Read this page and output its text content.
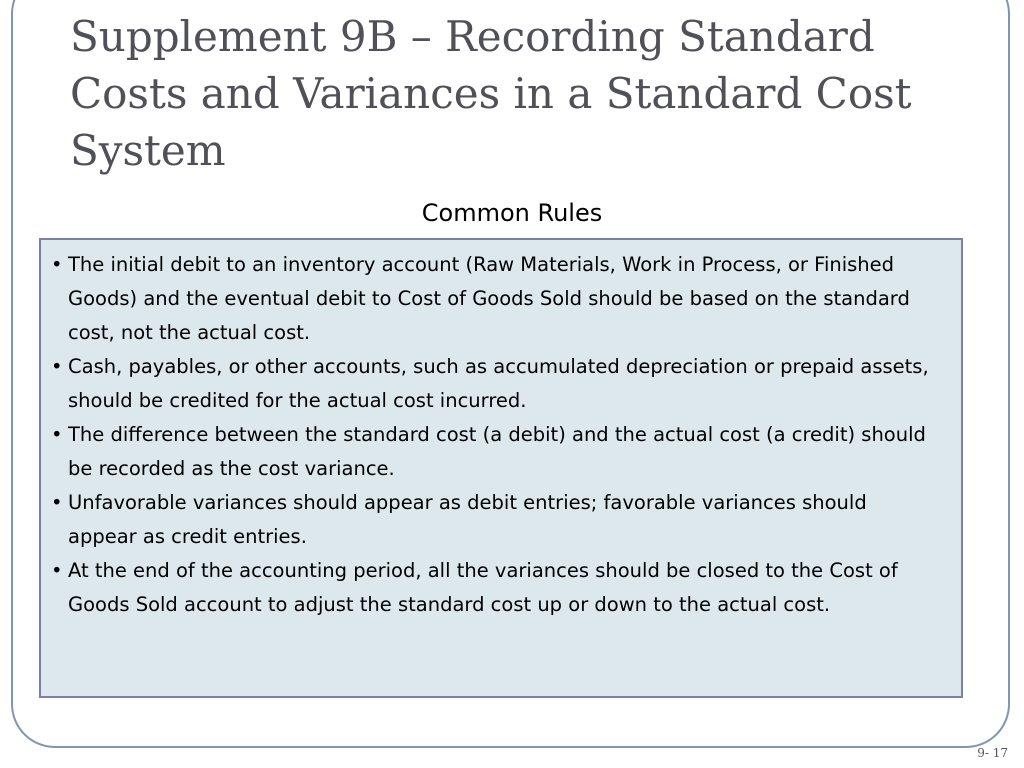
Supplement 9B – Recording Standard Costs and Variances in a Standard Cost System
Common Rules
• The initial debit to an inventory account (Raw Materials, Work in Process, or Finished Goods) and the eventual debit to Cost of Goods Sold should be based on the standard cost, not the actual cost.
• Cash, payables, or other accounts, such as accumulated depreciation or prepaid assets, should be credited for the actual cost incurred.
• The difference between the standard cost (a debit) and the actual cost (a credit) should be recorded as the cost variance.
• Unfavorable variances should appear as debit entries; favorable variances should appear as credit entries.
• At the end of the accounting period, all the variances should be closed to the Cost of Goods Sold account to adjust the standard cost up or down to the actual cost.
9- 17
